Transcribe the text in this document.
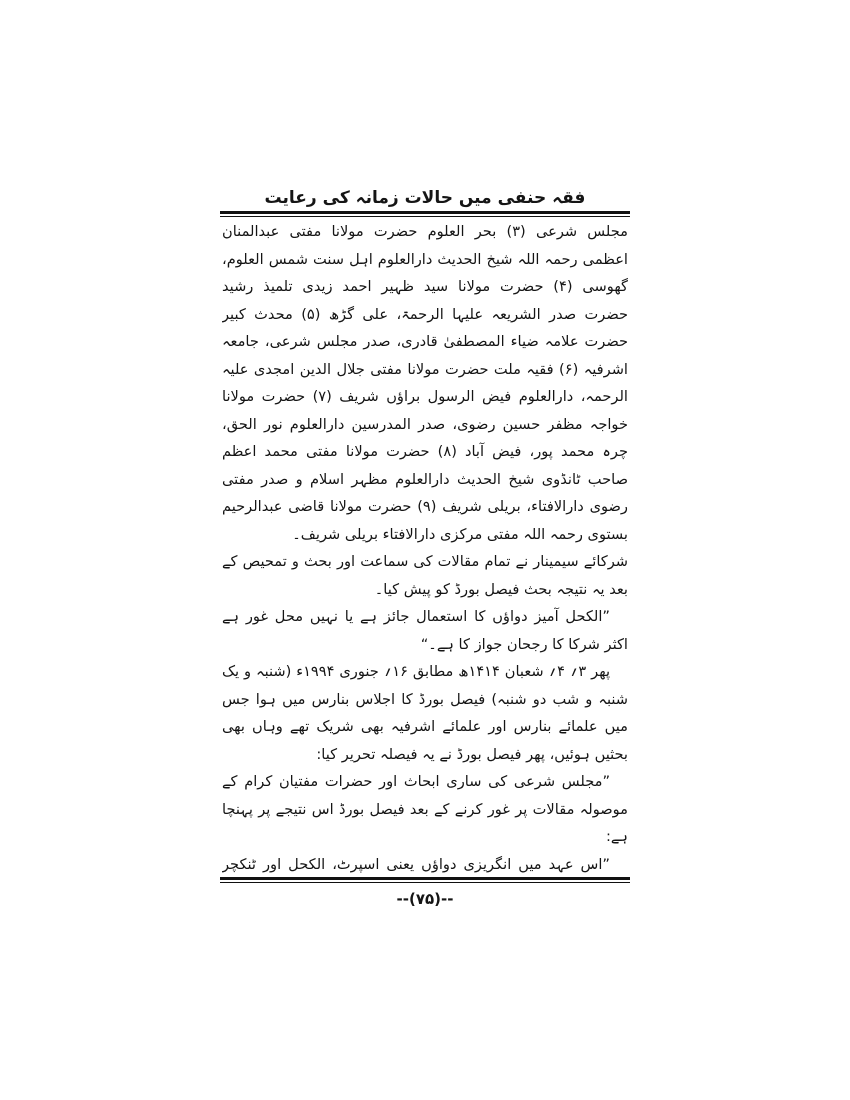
فقہ حنفی میں حالات زمانہ کی رعایت

مجلس شرعی (۳) بحر العلوم حضرت مولانا مفتی عبدالمنان اعظمی رحمہ اللہ شیخ الحدیث دارالعلوم اہل سنت شمس العلوم، گھوسی (۴) حضرت مولانا سید ظہیر احمد زیدی تلمیذ رشید حضرت صدر الشریعہ علیہا الرحمۃ، علی گڑھ (۵) محدث کبیر حضرت علامہ ضیاء المصطفیٰ قادری، صدر مجلس شرعی، جامعہ اشرفیہ (۶) فقیہ ملت حضرت مولانا مفتی جلال الدین امجدی علیہ الرحمہ، دارالعلوم فیض الرسول براؤں شریف (۷) حضرت مولانا خواجہ مظفر حسین رضوی، صدر المدرسین دارالعلوم نور الحق، چرہ محمد پور، فیض آباد (۸) حضرت مولانا مفتی محمد اعظم صاحب ٹانڈوی شیخ الحدیث دارالعلوم مظہر اسلام و صدر مفتی رضوی دارالافتاء، بریلی شریف (۹) حضرت مولانا قاضی عبدالرحیم بستوی رحمہ اللہ مفتی مرکزی دارالافتاء بریلی شریف۔

شرکائے سیمینار نے تمام مقالات کی سماعت اور بحث و تمحیص کے بعد یہ نتیجہ بحث فیصل بورڈ کو پیش کیا۔

”الکحل آمیز دواؤں کا استعمال جائز ہے یا نہیں محل غور ہے اکثر شرکا کا رجحان جواز کا ہے۔“

پھر ۳؍ ۴؍ شعبان ۱۴۱۴ھ مطابق ۱۶؍ جنوری ۱۹۹۴ء (شنبہ و یک شنبہ و شب دو شنبہ) فیصل بورڈ کا اجلاس بنارس میں ہوا جس میں علمائے بنارس اور علمائے اشرفیہ بھی شریک تھے وہاں بھی بحثیں ہوئیں، پھر فیصل بورڈ نے یہ فیصلہ تحریر کیا:

”مجلس شرعی کی ساری ابحاث اور حضرات مفتیان کرام کے موصولہ مقالات پر غور کرنے کے بعد فیصل بورڈ اس نتیجے پر پہنچا ہے:

”اس عہد میں انگریزی دواؤں یعنی اسپرٹ، الکحل اور ٹنکچر

--(۷۵)--
